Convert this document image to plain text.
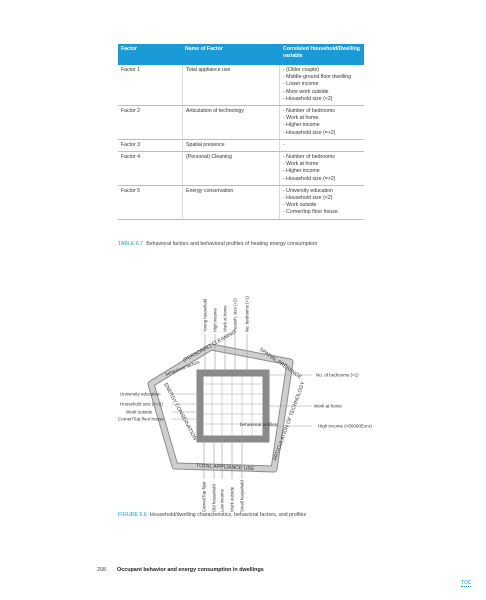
Factor	Name of Factor	Correlated Household/Dwelling variable
Factor 1	Total appliance use	- (Older couple)
- Middle-ground floor dwelling
- Lower income
- More work outside
- Household size (<2)
Factor 2	Articulation of technology	- Number of bedrooms
- Work at home
- Higher income
- Household size (=>2)
Factor 3	Spatial presence
-
Factor 4	(Personal) Cleaning	- Number of bedrooms
- Work at home
- Higher income
- Household size (=>2)
Factor 5	Energy conservation	- University education
- Household size (<2)
- Work outside
- Corner/top floor house
TABLE 6.7 Behavioral factors and behavioral profiles of heating energy consumption
Young household High income Work at home Househ. size (>2) No. bedrooms (>1)
Corner/Top floor Old household Low income Work outside Small household
University education
Household size (<=2)
Work outside
Corner/Top floor house
No. of bedrooms (>1)
Work at home
High income (>50000Euro)
(PERSONAL) CLEANING	SPATIAL PRESENCE
ARTICULATION OF TECHNOLOGY
TOTAL APPLIANCE USE
ENERGY CONSERVATION
behavioral factors
behavioral profiles
FIGURE 6.6 Household/dwelling characteristics, behavioral factors, and profiles
208 Occupant behavior and energy consumption in dwellings
TOC
